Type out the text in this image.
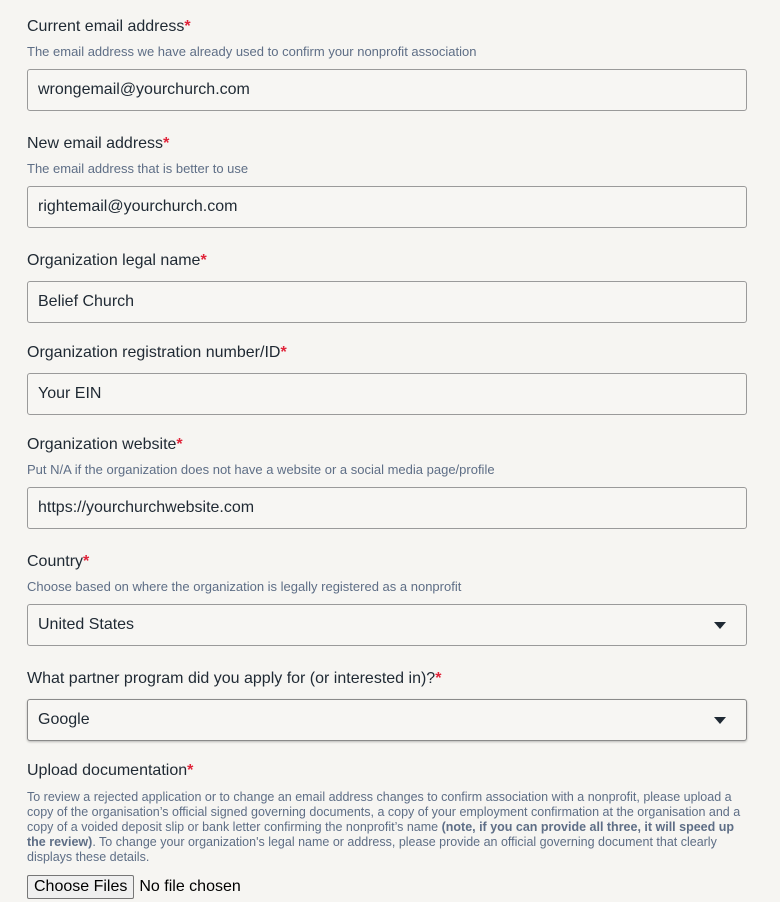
Current email address*
The email address we have already used to confirm your nonprofit association
wrongemail@yourchurch.com
New email address*
The email address that is better to use
rightemail@yourchurch.com
Organization legal name*
Belief Church
Organization registration number/ID*
Your EIN
Organization website*
Put N/A if the organization does not have a website or a social media page/profile
https://yourchurchwebsite.com
Country*
Choose based on where the organization is legally registered as a nonprofit
United States
What partner program did you apply for (or interested in)?*
Google
Upload documentation*
To review a rejected application or to change an email address changes to confirm association with a nonprofit, please upload a copy of the organisation’s official signed governing documents, a copy of your employment confirmation at the organisation and a copy of a voided deposit slip or bank letter confirming the nonprofit’s name (note, if you can provide all three, it will speed up the review). To change your organization's legal name or address, please provide an official governing document that clearly displays these details.
Choose Files No file chosen
